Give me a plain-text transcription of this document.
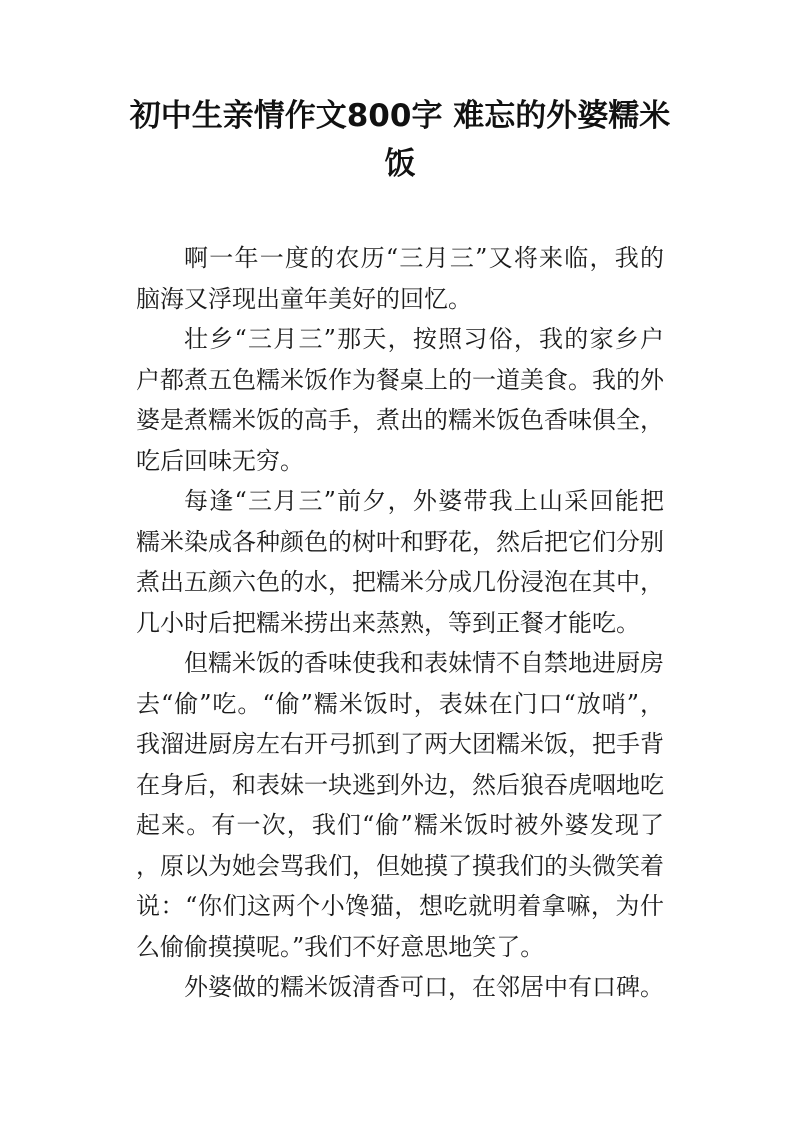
初中生亲情作文800字 难忘的外婆糯米饭

啊一年一度的农历“三月三”又将来临，我的脑海又浮现出童年美好的回忆。

壮乡“三月三”那天，按照习俗，我的家乡户户都煮五色糯米饭作为餐桌上的一道美食。我的外婆是煮糯米饭的高手，煮出的糯米饭色香味俱全，吃后回味无穷。

每逢“三月三”前夕，外婆带我上山采回能把糯米染成各种颜色的树叶和野花，然后把它们分别煮出五颜六色的水，把糯米分成几份浸泡在其中，几小时后把糯米捞出来蒸熟，等到正餐才能吃。

但糯米饭的香味使我和表妹情不自禁地进厨房去“偷”吃。“偷”糯米饭时，表妹在门口“放哨”，我溜进厨房左右开弓抓到了两大团糯米饭，把手背在身后，和表妹一块逃到外边，然后狼吞虎咽地吃起来。有一次，我们“偷”糯米饭时被外婆发现了，原以为她会骂我们，但她摸了摸我们的头微笑着说：“你们这两个小馋猫，想吃就明着拿嘛，为什么偷偷摸摸呢。”我们不好意思地笑了。

外婆做的糯米饭清香可口，在邻居中有口碑。
